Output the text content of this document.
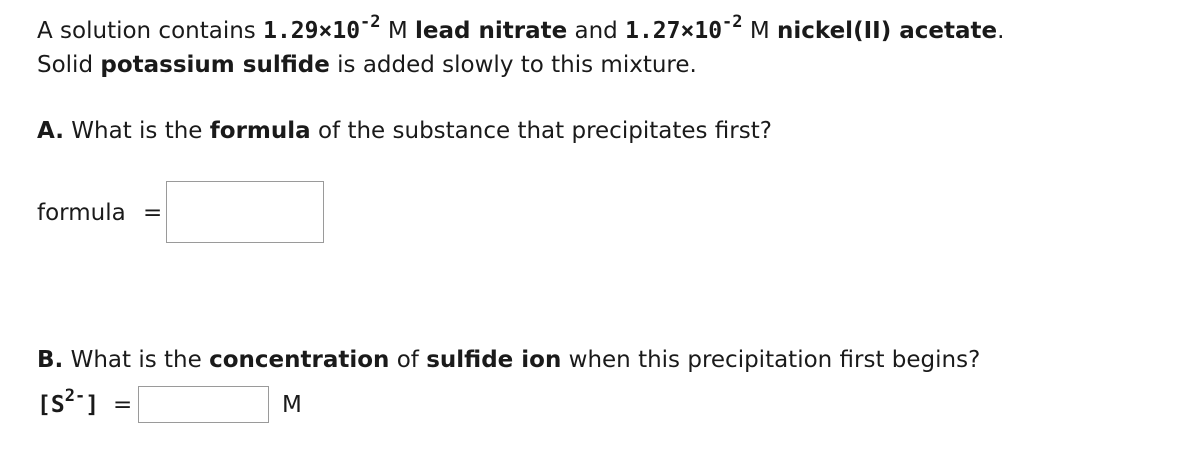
A solution contains $1.29\times 10^{-2}$ M lead nitrate and $1.27\times 10^{-2}$ M nickel(II) acetate.
Solid potassium sulfide is added slowly to this mixture.
A. What is the formula of the substance that precipitates first?
formula =
B. What is the concentration of sulfide ion when this precipitation first begins?
$[S^{2-}]$ =	M
